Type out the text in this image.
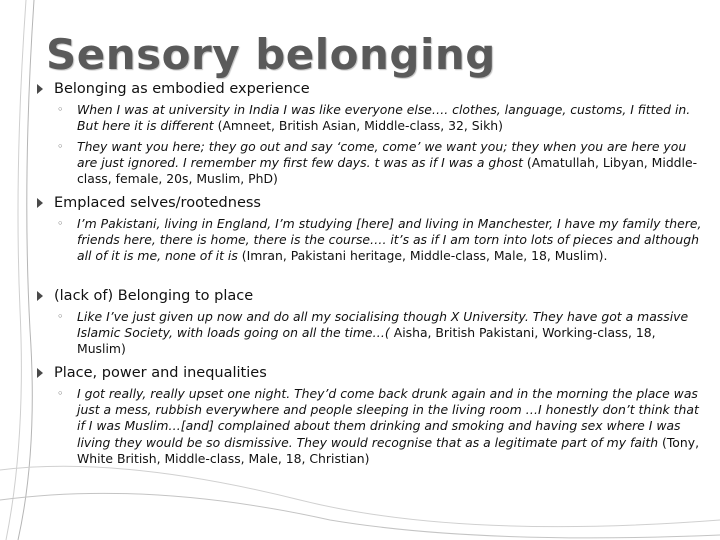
Sensory belonging
Belonging as embodied experience
◦ When I was at university in India I was like everyone else…. clothes, language, customs, I fitted in. But here it is different (Amneet, British Asian, Middle-class, 32, Sikh)
◦ They want you here; they go out and say ‘come, come’ we want you; they when you are here you are just ignored. I remember my first few days. t was as if I was a ghost (Amatullah, Libyan, Middle-class, female, 20s, Muslim, PhD)
Emplaced selves/rootedness
◦ I’m Pakistani, living in England, I’m studying [here] and living in Manchester, I have my family there, friends here, there is home, there is the course…. it’s as if I am torn into lots of pieces and although all of it is me, none of it is (Imran, Pakistani heritage, Middle-class, Male, 18, Muslim).
(lack of) Belonging to place
◦ Like I’ve just given up now and do all my socialising though X University. They have got a massive Islamic Society, with loads going on all the time…( Aisha, British Pakistani, Working-class, 18, Muslim)
Place, power and inequalities
◦ I got really, really upset one night. They’d come back drunk again and in the morning the place was just a mess, rubbish everywhere and people sleeping in the living room …I honestly don’t think that if I was Muslim…[and] complained about them drinking and smoking and having sex where I was living they would be so dismissive. They would recognise that as a legitimate part of my faith (Tony, White British, Middle-class, Male, 18, Christian)
